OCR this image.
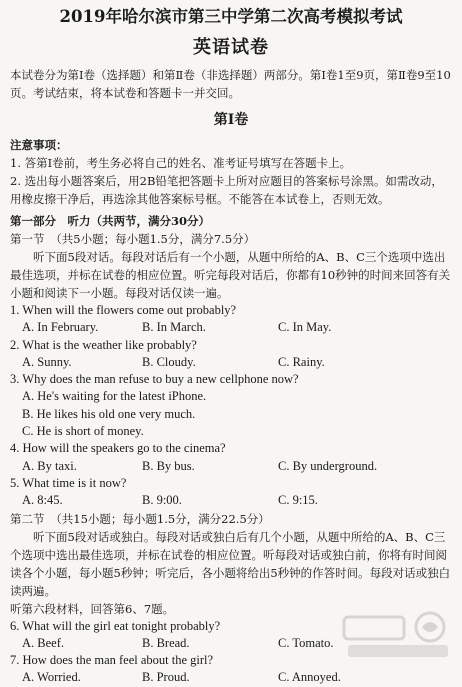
2019年哈尔滨市第三中学第二次高考模拟考试
英语试卷

本试卷分为第Ⅰ卷（选择题）和第Ⅱ卷（非选择题）两部分。第Ⅰ卷1至9页，第Ⅱ卷9至10页。考试结束，将本试卷和答题卡一并交回。

第Ⅰ卷

注意事项：

1. 答第Ⅰ卷前，考生务必将自己的姓名、准考证号填写在答题卡上。

2. 选出每小题答案后，用2B铅笔把答题卡上所对应题目的答案标号涂黑。如需改动，用橡皮擦干净后，再选涂其他答案标号框。不能答在本试卷上，否则无效。

第一部分　听力（共两节，满分30分）

第一节　（共5小题；每小题1.5分，满分7.5分）

听下面5段对话。每段对话后有一个小题，从题中所给的A、B、C三个选项中选出最佳选项，并标在试卷的相应位置。听完每段对话后，你都有10秒钟的时间来回答有关小题和阅读下一小题。每段对话仅读一遍。

1. When will the flowers come out probably?

A. In February.	B. In March.	C. In May.

2. What is the weather like probably?

A. Sunny.	B. Cloudy.	C. Rainy.

3. Why does the man refuse to buy a new cellphone now?

A. He's waiting for the latest iPhone.

B. He likes his old one very much.

C. He is short of money.

4. How will the speakers go to the cinema?

A. By taxi.	B. By bus.	C. By underground.

5. What time is it now?

A. 8:45.	B. 9:00.	C. 9:15.

第二节　（共15小题；每小题1.5分，满分22.5分）

听下面5段对话或独白。每段对话或独白后有几个小题，从题中所给的A、B、C三个选项中选出最佳选项，并标在试卷的相应位置。听每段对话或独白前，你将有时间阅读各个小题，每小题5秒钟；听完后，各小题将给出5秒钟的作答时间。每段对话或独白读两遍。

听第六段材料，回答第6、7题。

6. What will the girl eat tonight probably?

A. Beef.	B. Bread.	C. Tomato.

7. How does the man feel about the girl?

A. Worried.	B. Proud.	C. Annoyed.
